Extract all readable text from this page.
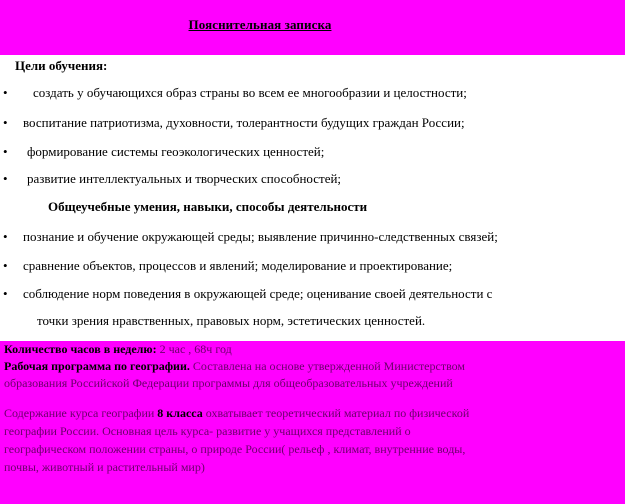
Пояснительная записка
Цели обучения:
• создать у обучающихся образ страны во всем ее многообразии и целостности;
• воспитание патриотизма, духовности, толерантности будущих граждан России;
• формирование системы геоэкологических ценностей;
• развитие интеллектуальных и творческих способностей;
Общеучебные умения, навыки, способы деятельности
• познание и обучение окружающей среды; выявление причинно-следственных связей;
• сравнение объектов, процессов и явлений; моделирование и проектирование;
• соблюдение норм поведения в окружающей среде; оценивание своей деятельности с
точки зрения нравственных, правовых норм, эстетических ценностей.
Количество часов в неделю: 2 час , 68ч год
Рабочая программа по географии. Составлена на основе утвержденной Министерством
образования Российской Федерации программы для общеобразовательных учреждений
Содержание курса географии 8 класса охватывает теоретический материал по физической
географии России. Основная цель курса- развитие у учащихся представлений о
географическом положении страны, о природе России( рельеф , климат, внутренние воды,
почвы, животный и растительный мир)
